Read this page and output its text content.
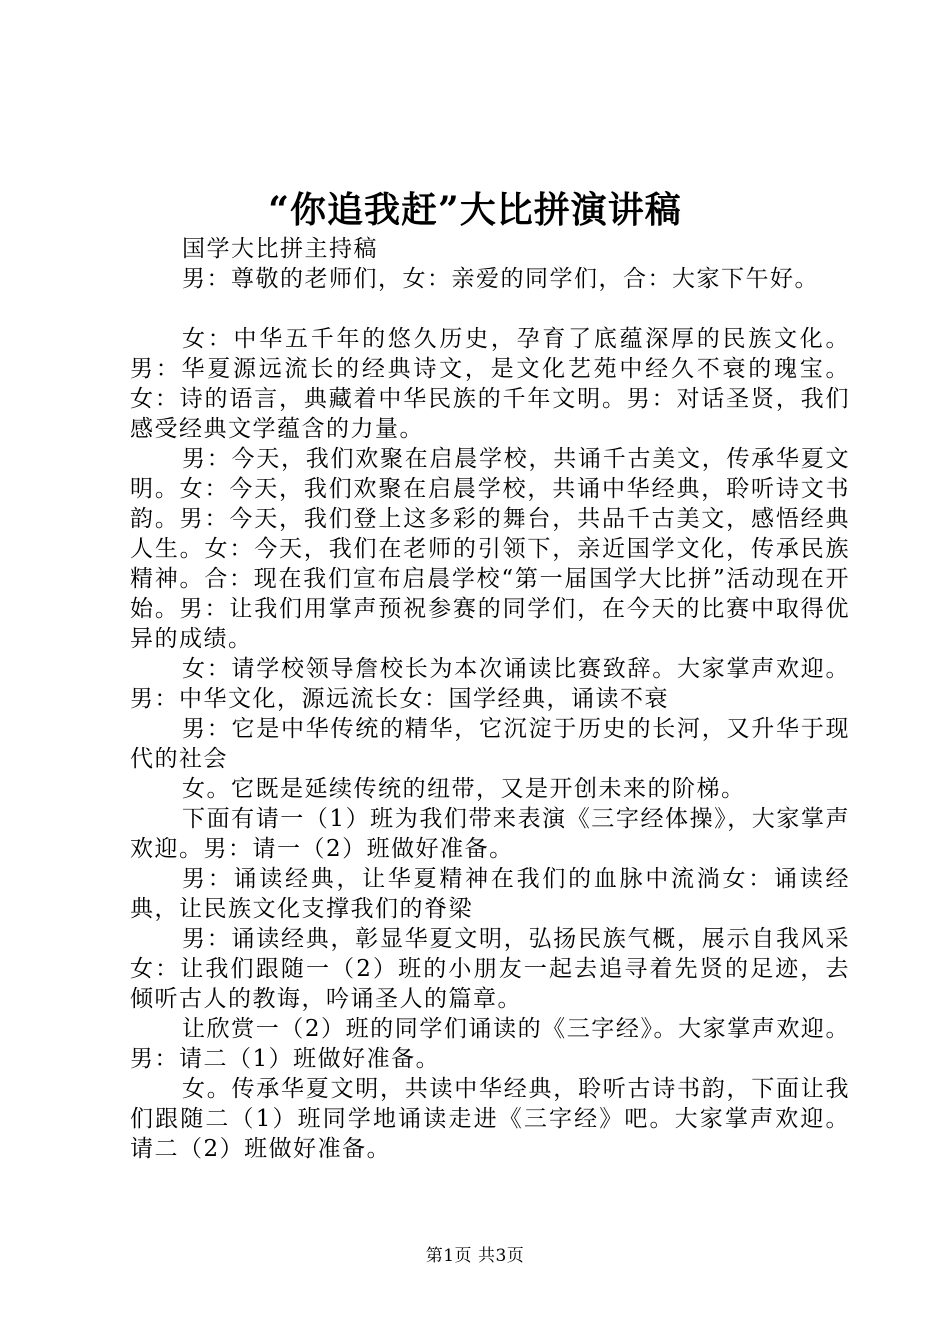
“你追我赶”大比拼演讲稿

国学大比拼主持稿

男：尊敬的老师们，女：亲爱的同学们，合：大家下午好。

女：中华五千年的悠久历史，孕育了底蕴深厚的民族文化。男：华夏源远流长的经典诗文，是文化艺苑中经久不衰的瑰宝。女：诗的语言，典藏着中华民族的千年文明。男：对话圣贤，我们感受经典文学蕴含的力量。

男：今天，我们欢聚在启晨学校，共诵千古美文，传承华夏文明。女：今天，我们欢聚在启晨学校，共诵中华经典，聆听诗文书韵。男：今天，我们登上这多彩的舞台，共品千古美文，感悟经典人生。女：今天，我们在老师的引领下，亲近国学文化，传承民族精神。合：现在我们宣布启晨学校“第一届国学大比拼”活动现在开始。男：让我们用掌声预祝参赛的同学们，在今天的比赛中取得优异的成绩。

女：请学校领导詹校长为本次诵读比赛致辞。大家掌声欢迎。男：中华文化，源远流长女：国学经典，诵读不衰

男：它是中华传统的精华，它沉淀于历史的长河，又升华于现代的社会

女。它既是延续传统的纽带，又是开创未来的阶梯。

下面有请一（1）班为我们带来表演《三字经体操》，大家掌声欢迎。男：请一（2）班做好准备。

男：诵读经典，让华夏精神在我们的血脉中流淌女：诵读经典，让民族文化支撑我们的脊梁

男：诵读经典，彰显华夏文明，弘扬民族气概，展示自我风采女：让我们跟随一（2）班的小朋友一起去追寻着先贤的足迹，去倾听古人的教诲，吟诵圣人的篇章。

让欣赏一（2）班的同学们诵读的《三字经》。大家掌声欢迎。男：请二（1）班做好准备。

女。传承华夏文明，共读中华经典，聆听古诗书韵，下面让我们跟随二（1）班同学地诵读走进《三字经》吧。大家掌声欢迎。请二（2）班做好准备。

第1页 共3页
